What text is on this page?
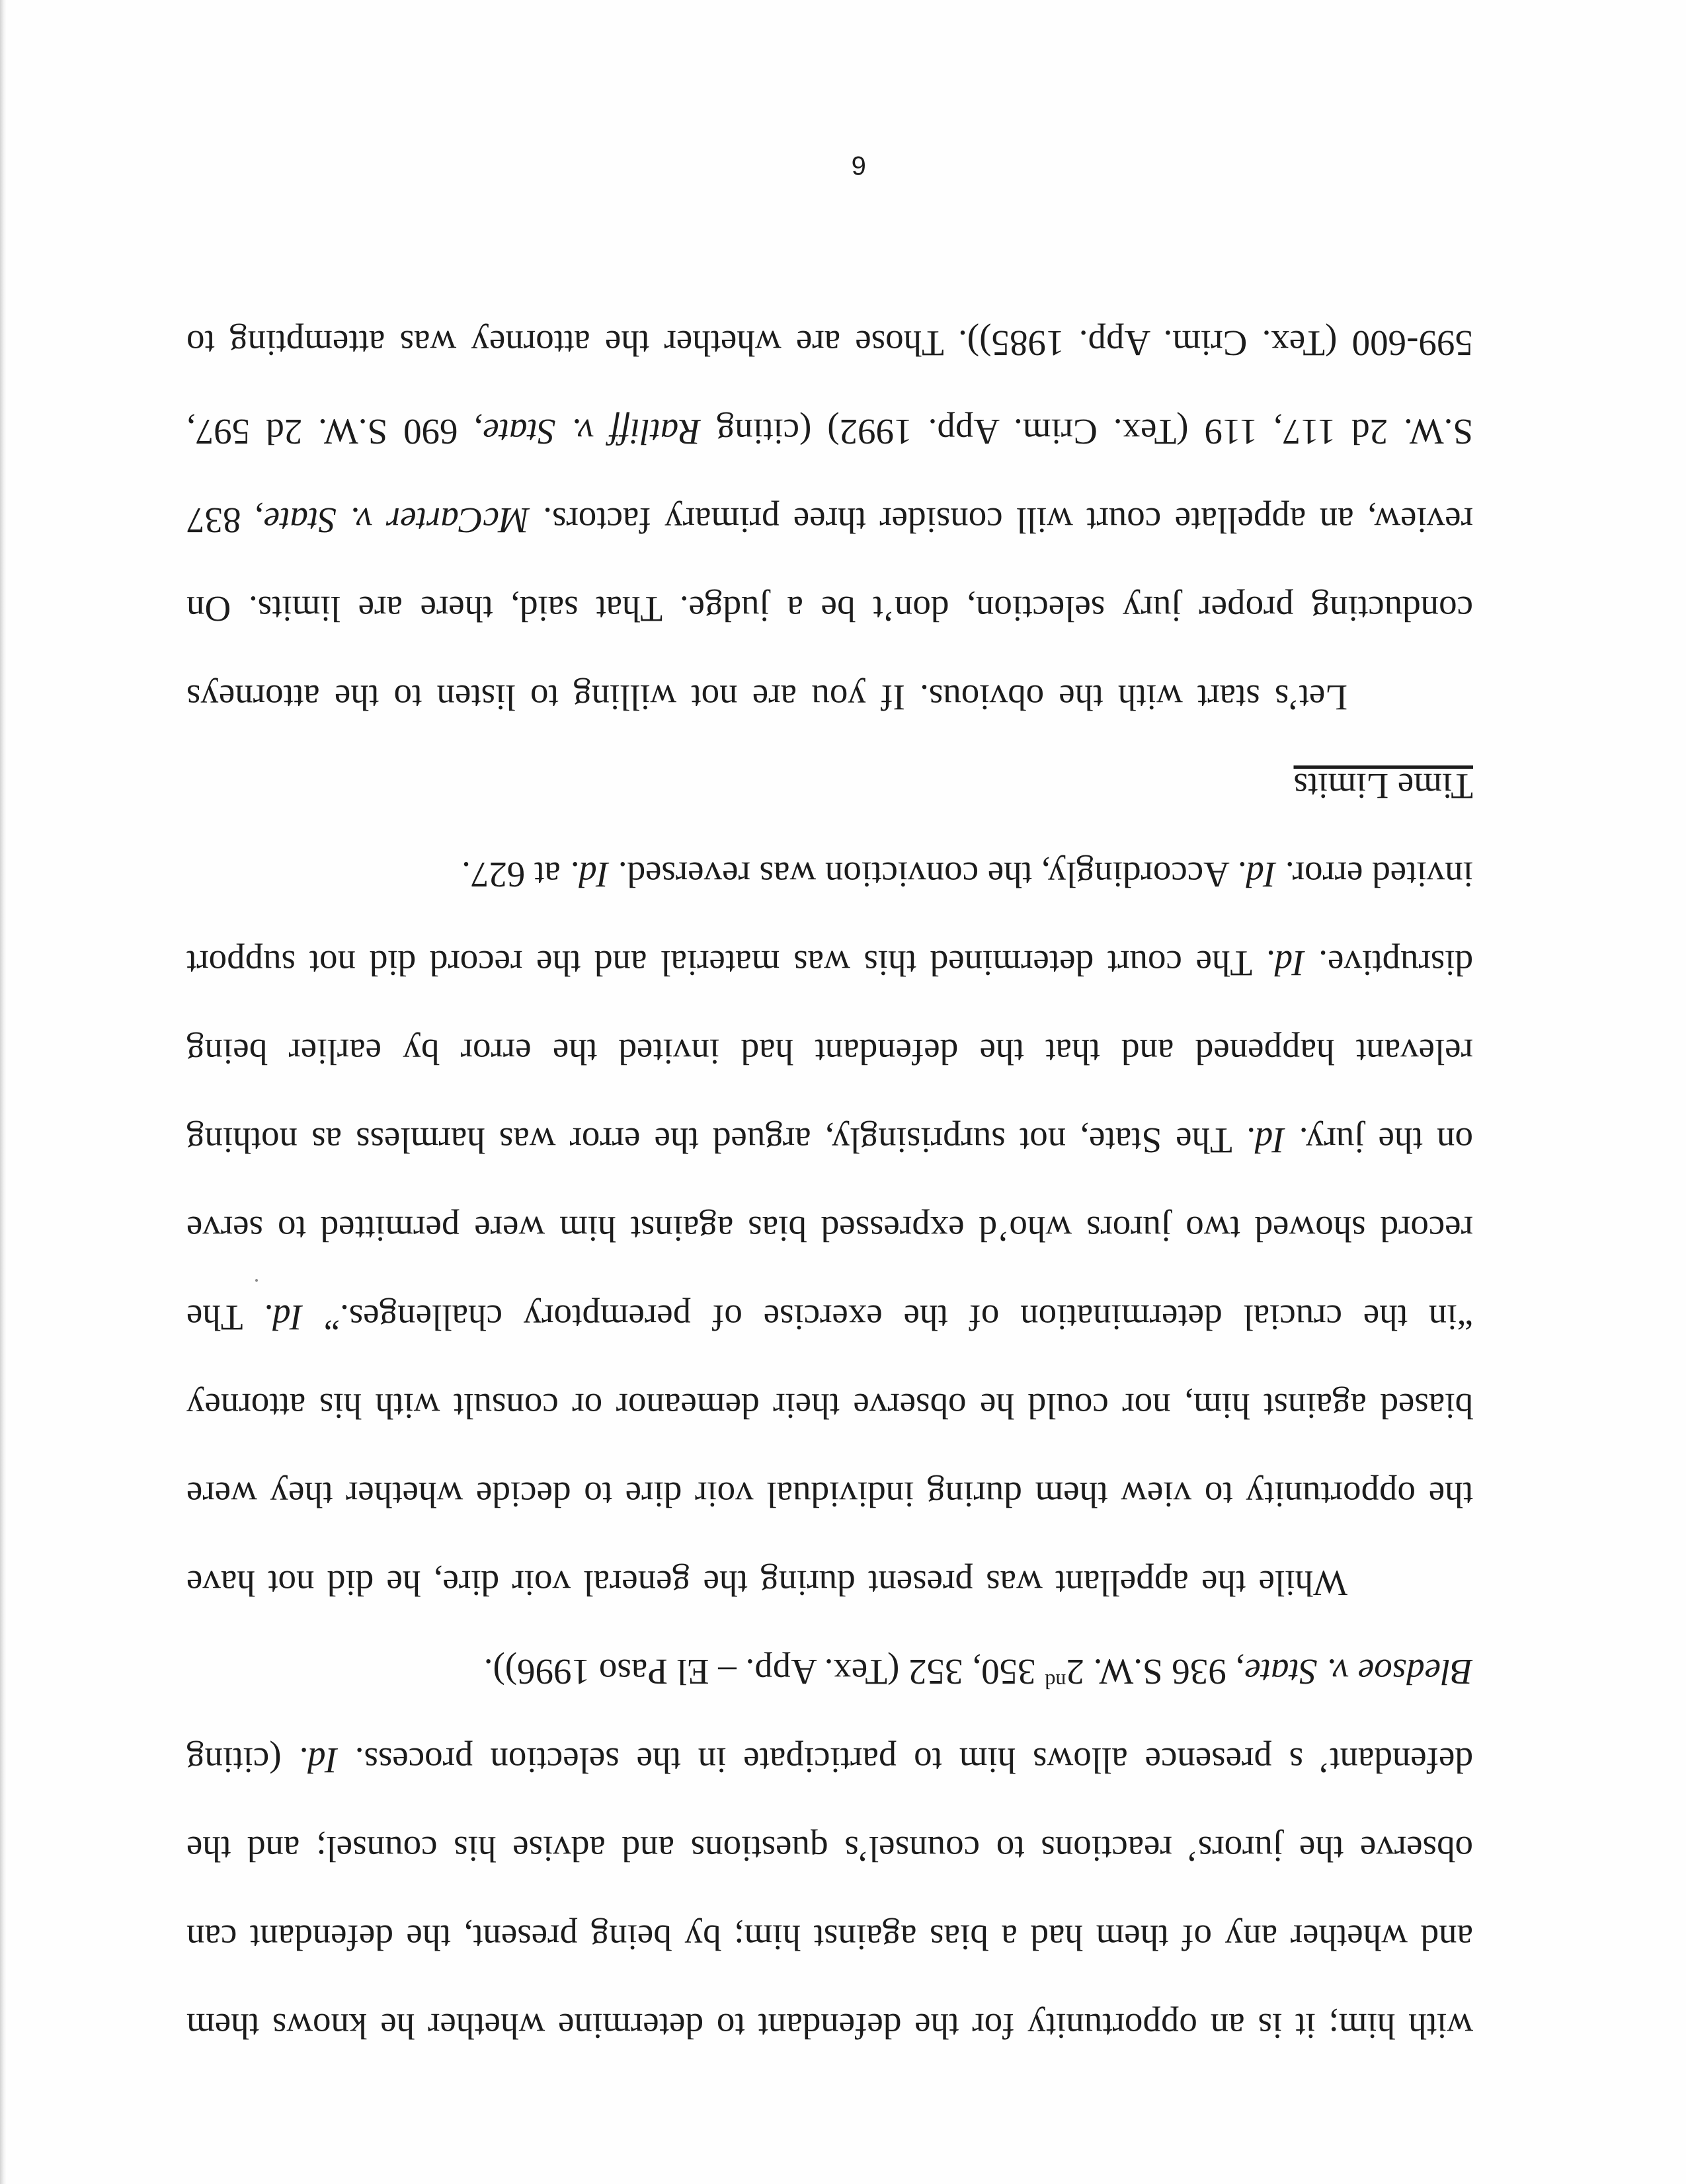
with him; it is an opportunity for the defendant to determine whether he knows them
and whether any of them had a bias against him; by being present, the defendant can
observe the jurors’ reactions to counsel’s questions and advise his counsel; and the
defendant’ s presence allows him to participate in the selection process. Id. (citing
Bledsoe v. State, 936 S.W. 2nd 350, 352 (Tex. App. – El Paso 1996)).
While the appellant was present during the general voir dire, he did not have
the opportunity to view them during individual voir dire to decide whether they were
biased against him, nor could he observe their demeanor or consult with his attorney
“in the crucial determination of the exercise of peremptory challenges.” Id. The
record showed two jurors who’d expressed bias against him were permitted to serve
on the jury. Id. The State, not surprisingly, argued the error was harmless as nothing
relevant happened and that the defendant had invited the error by earlier being
disruptive. Id. The court determined this was material and the record did not support
invited error. Id. Accordingly, the conviction was reversed. Id. at 627.
Time Limits
Let’s start with the obvious. If you are not willing to listen to the attorneys
conducting proper jury selection, don’t be a judge. That said, there are limits. On
review, an appellate court will consider three primary factors. McCarter v. State, 837
S.W. 2d 117, 119 (Tex. Crim. App. 1992) (citing Ratliff v. State, 690 S.W. 2d 597,
599-600 (Tex. Crim. App. 1985)). Those are whether the attorney was attempting to
6
